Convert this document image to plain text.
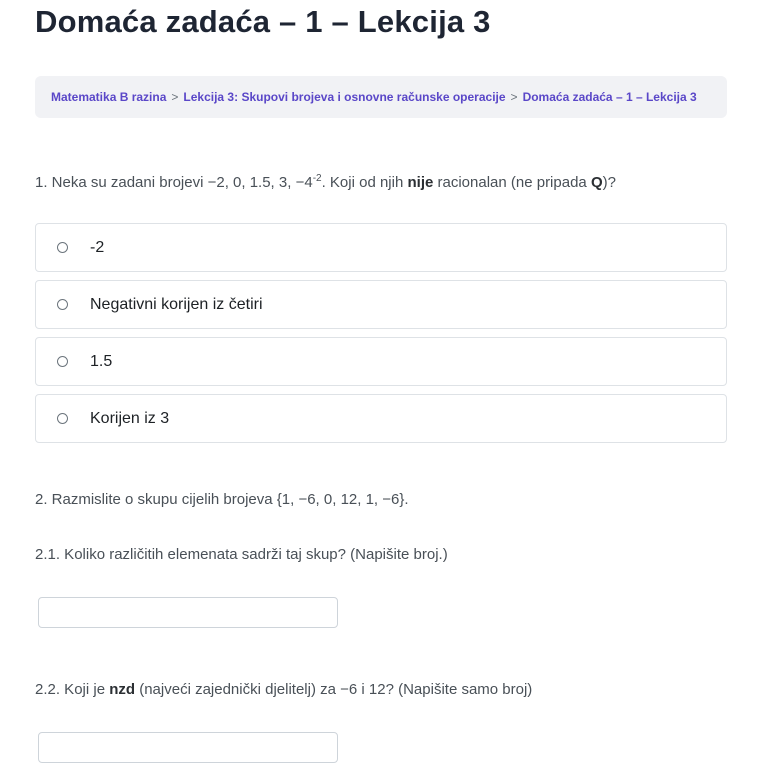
Domaća zadaća – 1 – Lekcija 3
Matematika B razina > Lekcija 3: Skupovi brojeva i osnovne računske operacije > Domaća zadaća – 1 – Lekcija 3
1. Neka su zadani brojevi −2, 0, 1.5, 3, $-4^{-2}$. Koji od njih nije racionalan (ne pripada Q)?
-2
Negativni korijen iz četiri
1.5
Korijen iz 3
2. Razmislite o skupu cijelih brojeva {1, −6, 0, 12, 1, −6}.
2.1. Koliko različitih elemenata sadrži taj skup? (Napišite broj.)
2.2. Koji je nzd (najveći zajednički djelitelj) za −6 i 12? (Napišite samo broj)
